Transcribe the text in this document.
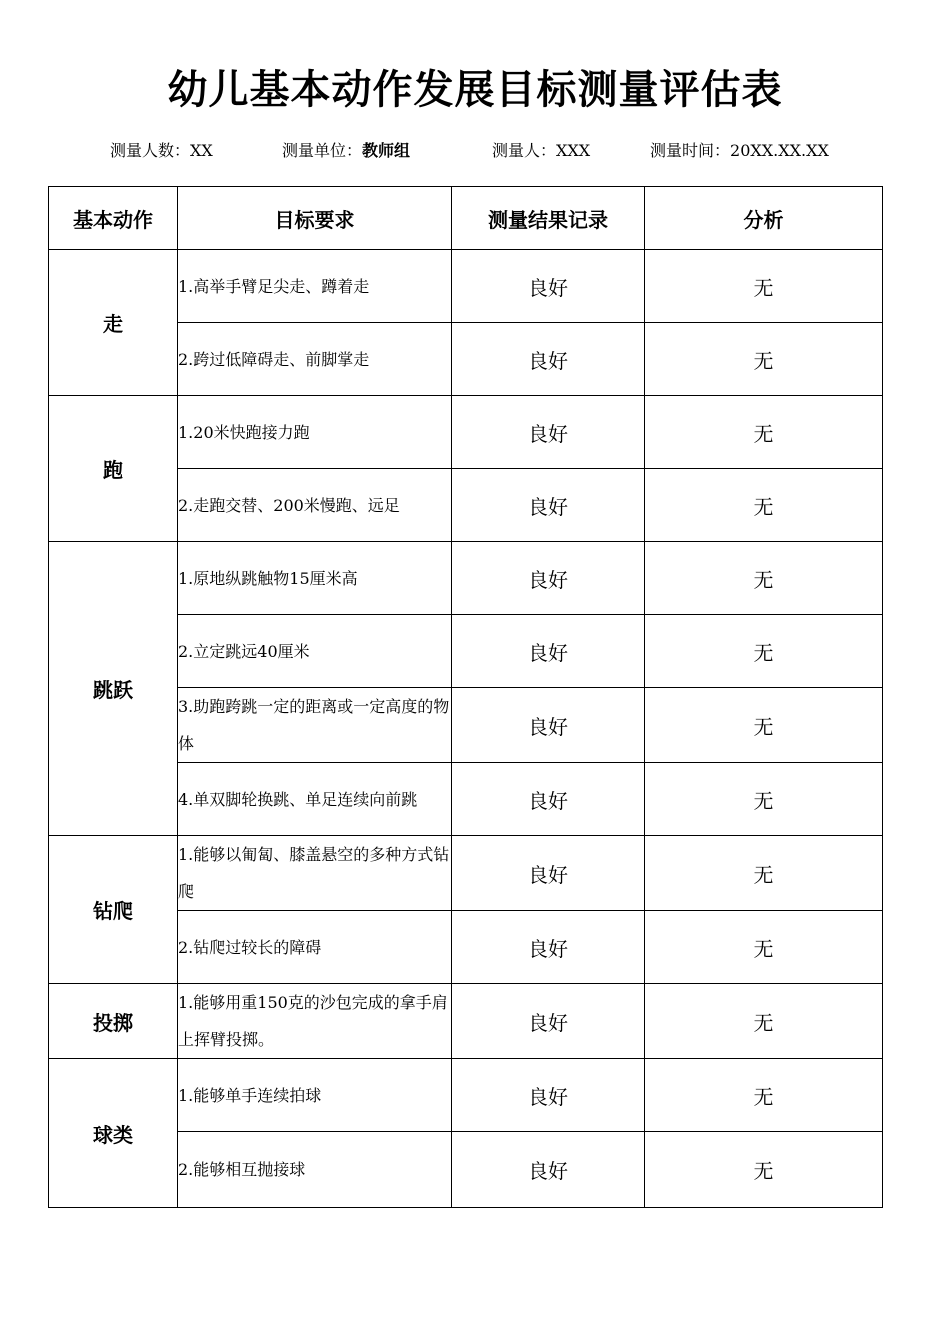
幼儿基本动作发展目标测量评估表
测量人数：XX	测量单位：教师组	测量人：XXX	测量时间：20XX.XX.XX
基本动作	目标要求	测量结果记录	分析
走	1.高举手臂足尖走、蹲着走	良好	无
	2.跨过低障碍走、前脚掌走	良好	无
跑	1.20米快跑接力跑	良好	无
	2.走跑交替、200米慢跑、远足	良好	无
跳跃	1.原地纵跳触物15厘米高	良好	无
	2.立定跳远40厘米	良好	无
	3.助跑跨跳一定的距离或一定高度的物体	良好	无
	4.单双脚轮换跳、单足连续向前跳	良好	无
钻爬	1.能够以匍匐、膝盖悬空的多种方式钻爬	良好	无
	2.钻爬过较长的障碍	良好	无
投掷	1.能够用重150克的沙包完成的拿手肩上挥臂投掷。	良好	无
球类	1.能够单手连续拍球	良好	无
	2.能够相互抛接球	良好	无
